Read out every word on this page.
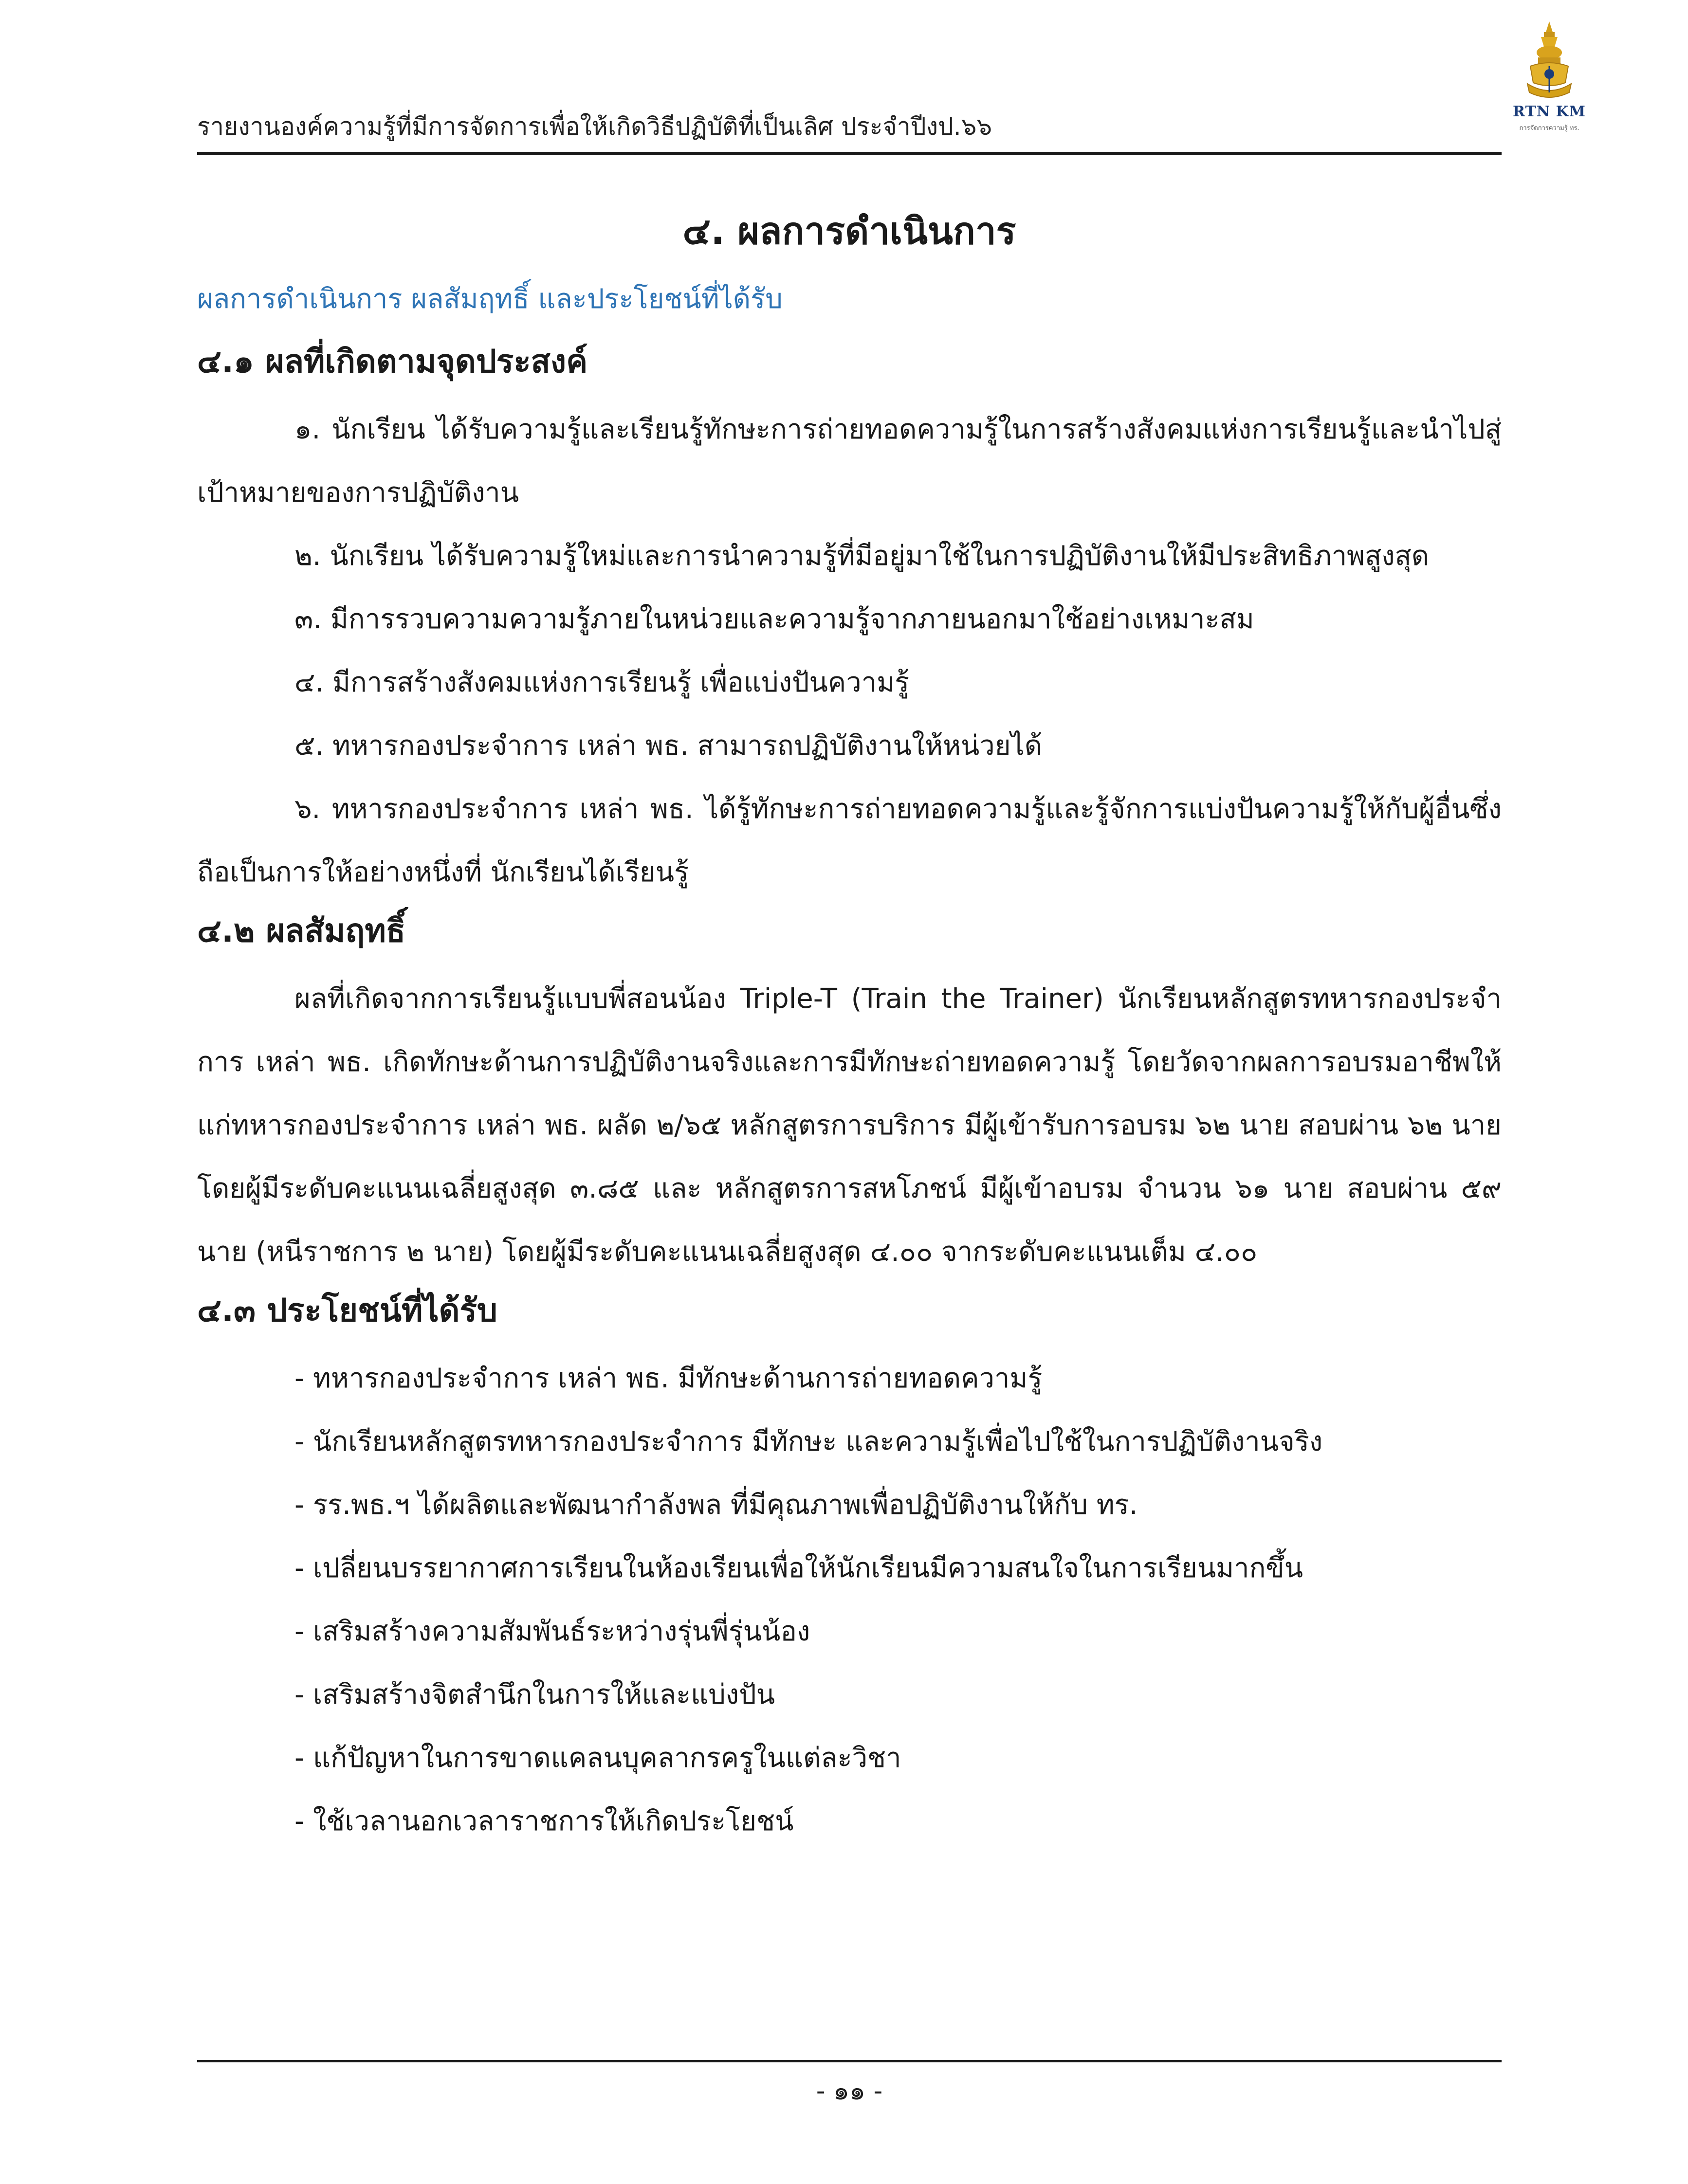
รายงานองค์ความรู้ที่มีการจัดการเพื่อให้เกิดวิธีปฏิบัติที่เป็นเลิศ ประจำปีงป.๖๖
RTN KM
การจัดการความรู้ ทร.
๔. ผลการดำเนินการ
ผลการดำเนินการ ผลสัมฤทธิ์ และประโยชน์ที่ได้รับ
๔.๑ ผลที่เกิดตามจุดประสงค์

๑. นักเรียน ได้รับความรู้และเรียนรู้ทักษะการถ่ายทอดความรู้ในการสร้างสังคมแห่งการเรียนรู้และนำไปสู่เป้าหมายของการปฏิบัติงาน

๒. นักเรียน ได้รับความรู้ใหม่และการนำความรู้ที่มีอยู่มาใช้ในการปฏิบัติงานให้มีประสิทธิภาพสูงสุด
๓. มีการรวบความความรู้ภายในหน่วยและความรู้จากภายนอกมาใช้อย่างเหมาะสม
๔. มีการสร้างสังคมแห่งการเรียนรู้ เพื่อแบ่งปันความรู้
๕. ทหารกองประจำการ เหล่า พธ. สามารถปฏิบัติงานให้หน่วยได้

๖. ทหารกองประจำการ เหล่า พธ. ได้รู้ทักษะการถ่ายทอดความรู้และรู้จักการแบ่งปันความรู้ให้กับผู้อื่นซึ่งถือเป็นการให้อย่างหนึ่งที่ นักเรียนได้เรียนรู้

๔.๒ ผลสัมฤทธิ์

ผลที่เกิดจากการเรียนรู้แบบพี่สอนน้อง Triple-T (Train the Trainer) นักเรียนหลักสูตรทหารกองประจำการ เหล่า พธ. เกิดทักษะด้านการปฏิบัติงานจริงและการมีทักษะถ่ายทอดความรู้ โดยวัดจากผลการอบรมอาชีพให้แก่ทหารกองประจำการ เหล่า พธ. ผลัด ๒/๖๕ หลักสูตรการบริการ มีผู้เข้ารับการอบรม ๖๒ นาย สอบผ่าน ๖๒ นาย โดยผู้มีระดับคะแนนเฉลี่ยสูงสุด ๓.๘๕ และ หลักสูตรการสหโภชน์ มีผู้เข้าอบรม จำนวน ๖๑ นาย สอบผ่าน ๕๙ นาย (หนีราชการ ๒ นาย) โดยผู้มีระดับคะแนนเฉลี่ยสูงสุด ๔.๐๐ จากระดับคะแนนเต็ม ๔.๐๐

๔.๓ ประโยชน์ที่ได้รับ
- ทหารกองประจำการ เหล่า พธ. มีทักษะด้านการถ่ายทอดความรู้
- นักเรียนหลักสูตรทหารกองประจำการ มีทักษะ และความรู้เพื่อไปใช้ในการปฏิบัติงานจริง
- รร.พธ.ฯ ได้ผลิตและพัฒนากำลังพล ที่มีคุณภาพเพื่อปฏิบัติงานให้กับ ทร.
- เปลี่ยนบรรยากาศการเรียนในห้องเรียนเพื่อให้นักเรียนมีความสนใจในการเรียนมากขึ้น
- เสริมสร้างความสัมพันธ์ระหว่างรุ่นพี่รุ่นน้อง
- เสริมสร้างจิตสำนึกในการให้และแบ่งปัน
- แก้ปัญหาในการขาดแคลนบุคลากรครูในแต่ละวิชา
- ใช้เวลานอกเวลาราชการให้เกิดประโยชน์
- ๑๑ -
